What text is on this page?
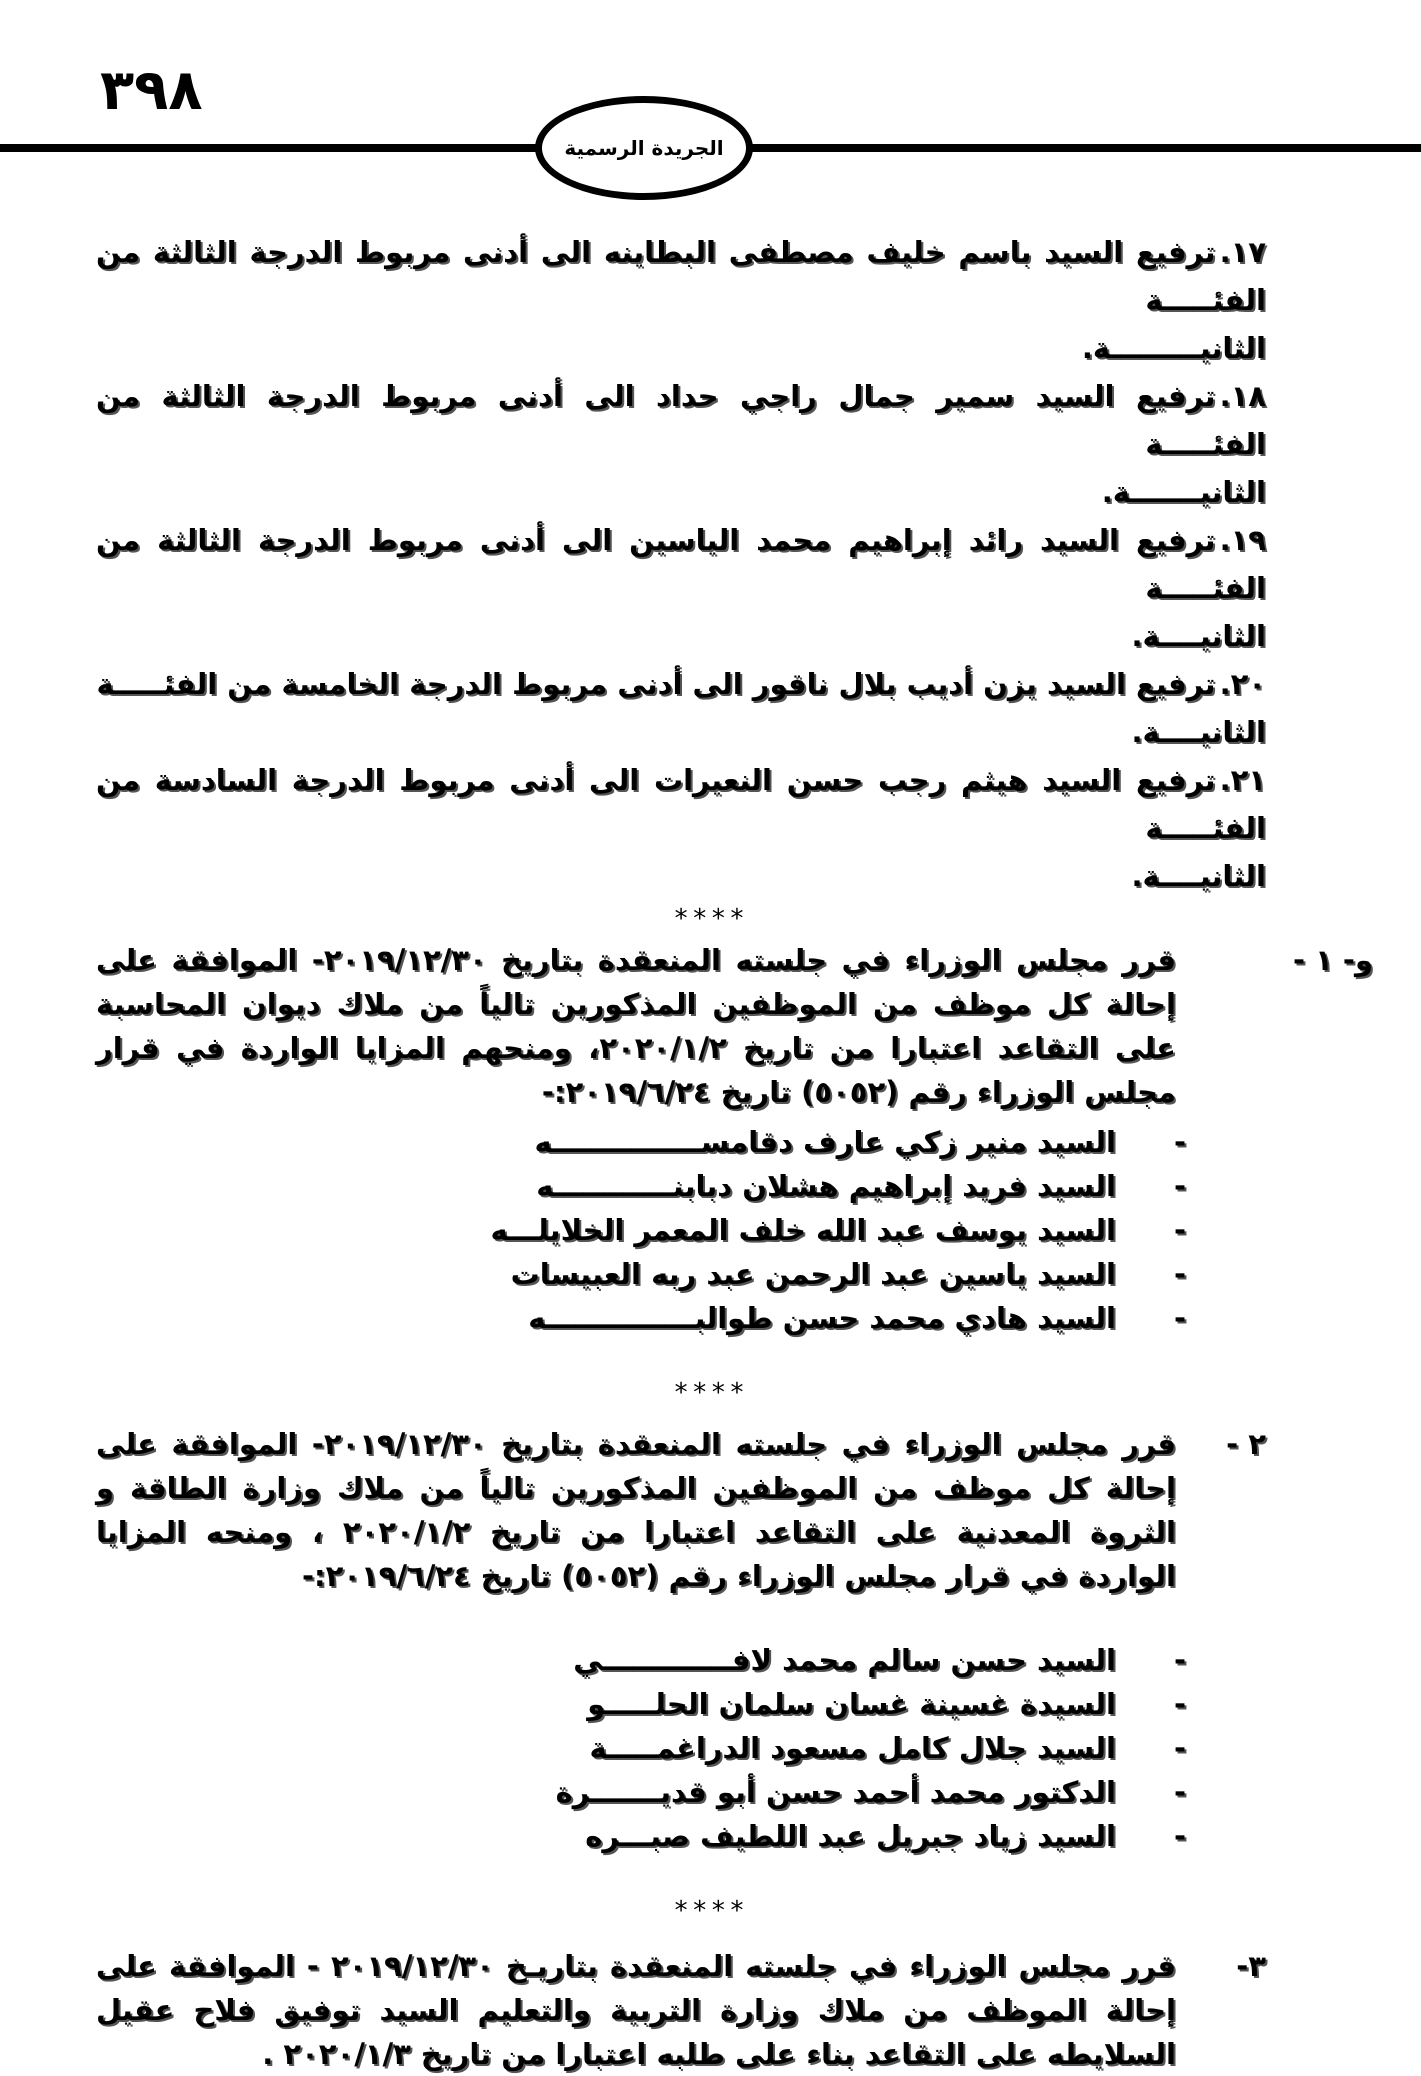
٣٩٨
الجريدة الرسمية
١٧.ترفيع السيد باسم خليف مصطفى البطاينه الى أدنى مربوط الدرجة الثالثة من الفئـــــة
الثانيـــــــــة.
١٨.ترفيع السيد سمير جمال راجي حداد الى أدنى مربوط الدرجة الثالثة من الفئـــــة
الثانيـــــــة.
١٩.ترفيع السيد رائد إبراهيم محمد الياسين الى أدنى مربوط الدرجة الثالثة من الفئـــــة
الثانيــــة.
٢٠.ترفيع السيد يزن أديب بلال ناقور الى أدنى مربوط الدرجة الخامسة من الفئـــــة
الثانيــــة.
٢١.ترفيع السيد هيثم رجب حسن النعيرات الى أدنى مربوط الدرجة السادسة من الفئـــــة
الثانيــــة.
****
و- ١ -
قرر مجلس الوزراء في جلسته المنعقدة بتاريخ ٢٠١٩/١٢/٣٠- الموافقة على إحالة كل موظف من الموظفين المذكورين تالياً من ملاك ديوان المحاسبة على التقاعد اعتبارا من تاريخ ٢٠٢٠/١/٢، ومنحهم المزايا الواردة في قرار مجلس الوزراء رقم (٥٠٥٢) تاريخ ٢٠١٩/٦/٢٤:-
-
السيد منير زكي عارف دقامســـــــــــــــه
-
السيد فريد إبراهيم هشلان دبابنــــــــــــه
-
السيد يوسف عبد الله خلف المعمر الخلايلـــه
-
السيد ياسين عبد الرحمن عبد ربه العبيسات
-
السيد هادي محمد حسن طوالبـــــــــــــــه
****
٢ -
قرر مجلس الوزراء في جلسته المنعقدة بتاريخ ٢٠١٩/١٢/٣٠- الموافقة على إحالة كل موظف من الموظفين المذكورين تالياً من ملاك وزارة الطاقة و الثروة المعدنية على التقاعد اعتبارا من تاريخ ٢٠٢٠/١/٢ ، ومنحه المزايا الواردة في قرار مجلس الوزراء رقم (٥٠٥٢) تاريخ ٢٠١٩/٦/٢٤:-
-
السيد حسن سالم محمد لافـــــــــــــي
-
السيدة غسينة غسان سلمان الحلـــــو
-
السيد جلال كامل مسعود الدراغمـــــة
-
الدكتور محمد أحمد حسن أبو قديـــــــرة
-
السيد زياد جبريل عبد اللطيف صبـــره
****
٣-
قرر مجلس الوزراء في جلسته المنعقدة بتاريـخ ٢٠١٩/١٢/٣٠ - الموافقة على إحالة الموظف من ملاك وزارة التربية والتعليم السيد توفيق فلاح عقيل السلايطه على التقاعد بناء على طلبه اعتبارا من تاريخ ٢٠٢٠/١/٣ .
